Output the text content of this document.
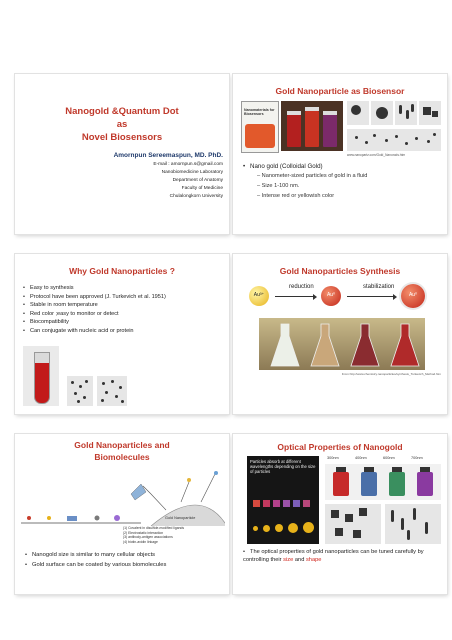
Nanogold &Quantum Dot
as
Novel Biosensors
Amornpun Sereemaspun, MD. PhD.
E-mail : amornpun.s@gmail.com
Nanobiomedicine Laboratory
Department of Anatomy
Faculty of Medicine
Chulalongkorn University
Gold Nanoparticle as Biosensor
Nanomaterials for Biosensors
www.nanopartz.com/Gold_Nanorods.htm
• Nano gold (Colloidal Gold)
– Nanometer-sized particles of gold in a fluid
– Size 1-100 nm.
– Intense red or yellowish color
Why Gold Nanoparticles ?
• Easy to synthesis
• Protocol have been approved (J. Turkevich et al. 1951)
• Stable in room temperature
• Red color ;easy to monitor or detect
• Biocompatibility
• Can conjugate with nucleic acid or protein
Gold Nanoparticles Synthesis
Au³⁺
reduction
Au⁰
stabilization
Au⁰
From http://www.chemistry.nanoparticles/synthesis_Turkevich_Method.htm
Gold Nanoparticles and
Biomolecules
Gold Nanoparticle
(1) Covalent in disulfide-modified ligands
(2) Electrostatic interaction
(3) antibody-antigen associations
(4) biotin-avidin linkage
• Nanogold size is similar to many cellular objects
• Gold surface can be coated by various biomolecules
Optical Properties of Nanogold
Particles absorb at different wavelengths depending on the size of particles
300nm	400nm	600nm	700nm
• The optical properties of gold nanoparticles can be tuned carefully by controlling their size and shape
